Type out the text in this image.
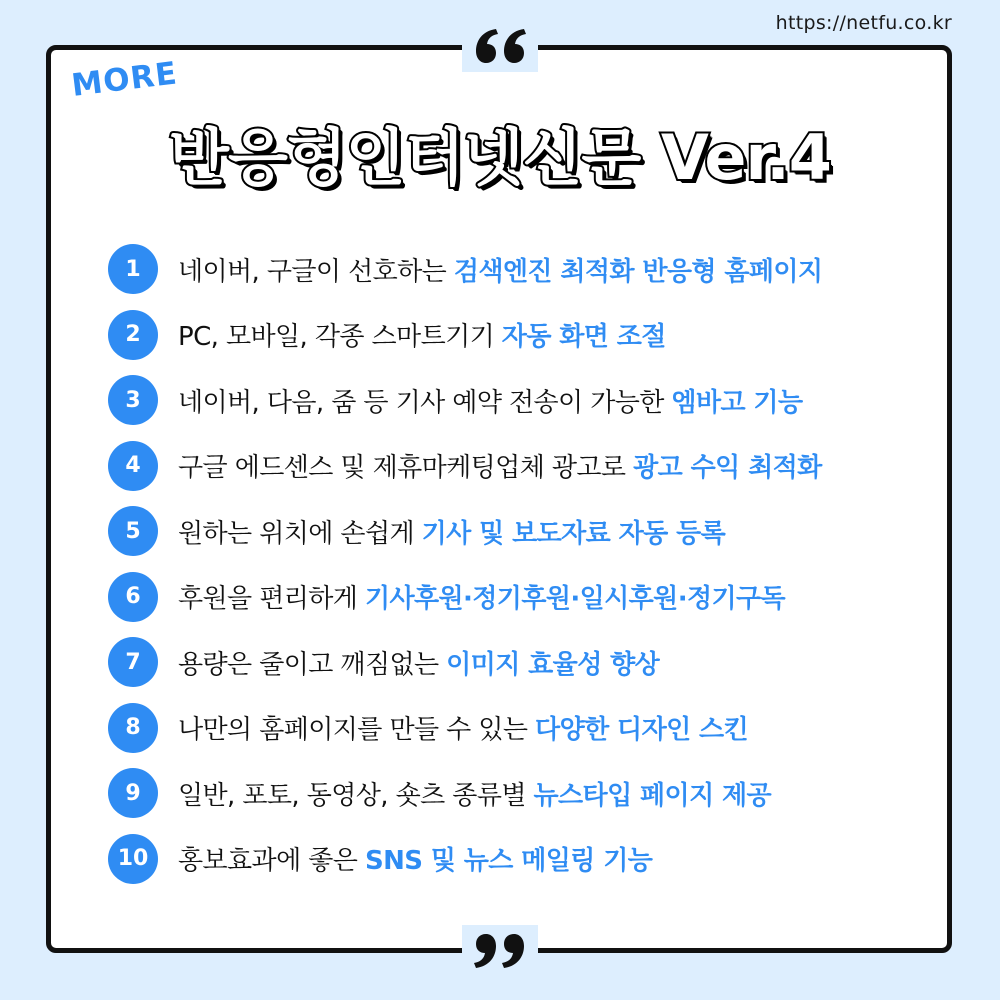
https://netfu.co.kr
MORE
반응형인터넷신문 Ver.4
1	네이버, 구글이 선호하는 검색엔진 최적화 반응형 홈페이지
2	PC, 모바일, 각종 스마트기기 자동 화면 조절
3	네이버, 다음, 줌 등 기사 예약 전송이 가능한 엠바고 기능
4	구글 에드센스 및 제휴마케팅업체 광고로 광고 수익 최적화
5	원하는 위치에 손쉽게 기사 및 보도자료 자동 등록
6	후원을 편리하게 기사후원·정기후원·일시후원·정기구독
7	용량은 줄이고 깨짐없는 이미지 효율성 향상
8	나만의 홈페이지를 만들 수 있는 다양한 디자인 스킨
9	일반, 포토, 동영상, 숏츠 종류별 뉴스타입 페이지 제공
10	홍보효과에 좋은 SNS 및 뉴스 메일링 기능
